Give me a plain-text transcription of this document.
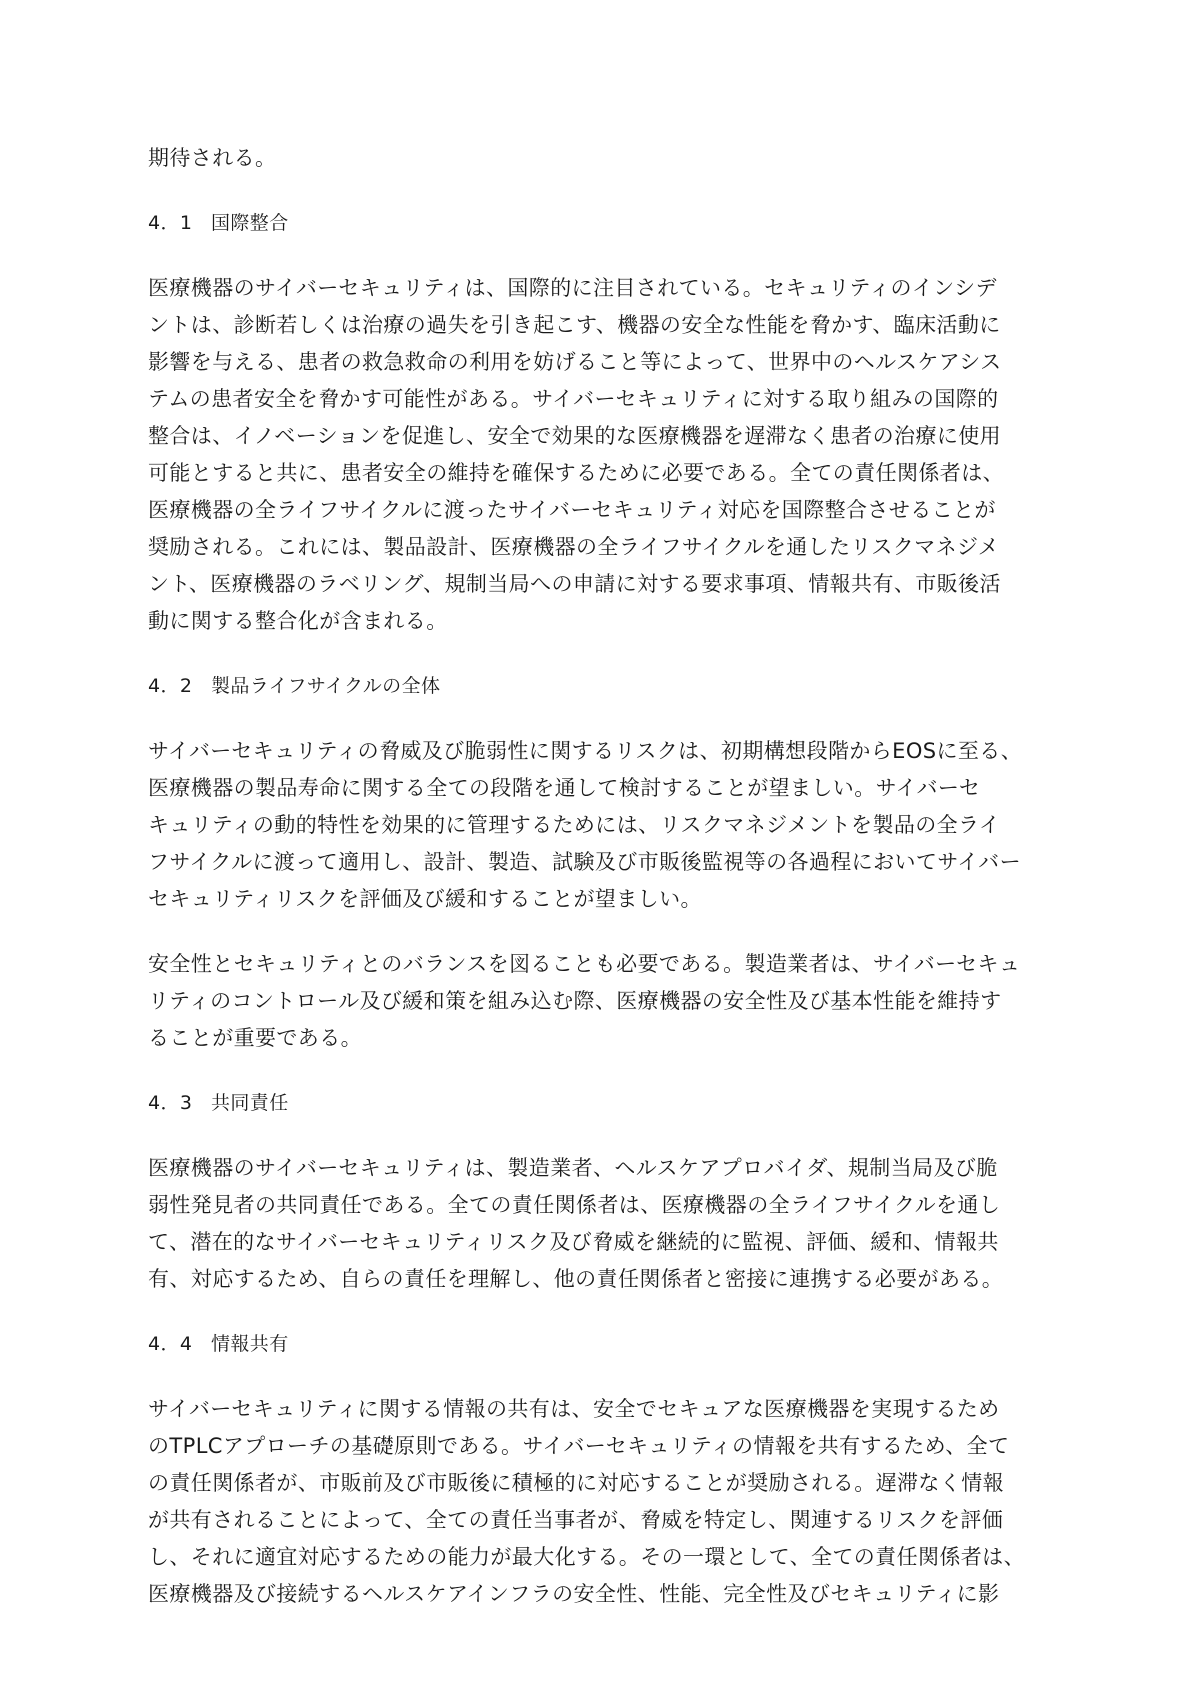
期待される。
4．1 国際整合
医療機器のサイバーセキュリティは、国際的に注目されている。セキュリティのインシデ
ントは、診断若しくは治療の過失を引き起こす、機器の安全な性能を脅かす、臨床活動に
影響を与える、患者の救急救命の利用を妨げること等によって、世界中のヘルスケアシス
テムの患者安全を脅かす可能性がある。サイバーセキュリティに対する取り組みの国際的
整合は、イノベーションを促進し、安全で効果的な医療機器を遅滞なく患者の治療に使用
可能とすると共に、患者安全の維持を確保するために必要である。全ての責任関係者は、
医療機器の全ライフサイクルに渡ったサイバーセキュリティ対応を国際整合させることが
奨励される。これには、製品設計、医療機器の全ライフサイクルを通したリスクマネジメ
ント、医療機器のラベリング、規制当局への申請に対する要求事項、情報共有、市販後活
動に関する整合化が含まれる。
4．2 製品ライフサイクルの全体
サイバーセキュリティの脅威及び脆弱性に関するリスクは、初期構想段階からEOSに至る、
医療機器の製品寿命に関する全ての段階を通して検討することが望ましい。サイバーセ
キュリティの動的特性を効果的に管理するためには、リスクマネジメントを製品の全ライ
フサイクルに渡って適用し、設計、製造、試験及び市販後監視等の各過程においてサイバー
セキュリティリスクを評価及び緩和することが望ましい。
安全性とセキュリティとのバランスを図ることも必要である。製造業者は、サイバーセキュ
リティのコントロール及び緩和策を組み込む際、医療機器の安全性及び基本性能を維持す
ることが重要である。
4．3 共同責任
医療機器のサイバーセキュリティは、製造業者、ヘルスケアプロバイダ、規制当局及び脆
弱性発見者の共同責任である。全ての責任関係者は、医療機器の全ライフサイクルを通し
て、潜在的なサイバーセキュリティリスク及び脅威を継続的に監視、評価、緩和、情報共
有、対応するため、自らの責任を理解し、他の責任関係者と密接に連携する必要がある。
4．4 情報共有
サイバーセキュリティに関する情報の共有は、安全でセキュアな医療機器を実現するため
のTPLCアプローチの基礎原則である。サイバーセキュリティの情報を共有するため、全て
の責任関係者が、市販前及び市販後に積極的に対応することが奨励される。遅滞なく情報
が共有されることによって、全ての責任当事者が、脅威を特定し、関連するリスクを評価
し、それに適宜対応するための能力が最大化する。その一環として、全ての責任関係者は、
医療機器及び接続するヘルスケアインフラの安全性、性能、完全性及びセキュリティに影
